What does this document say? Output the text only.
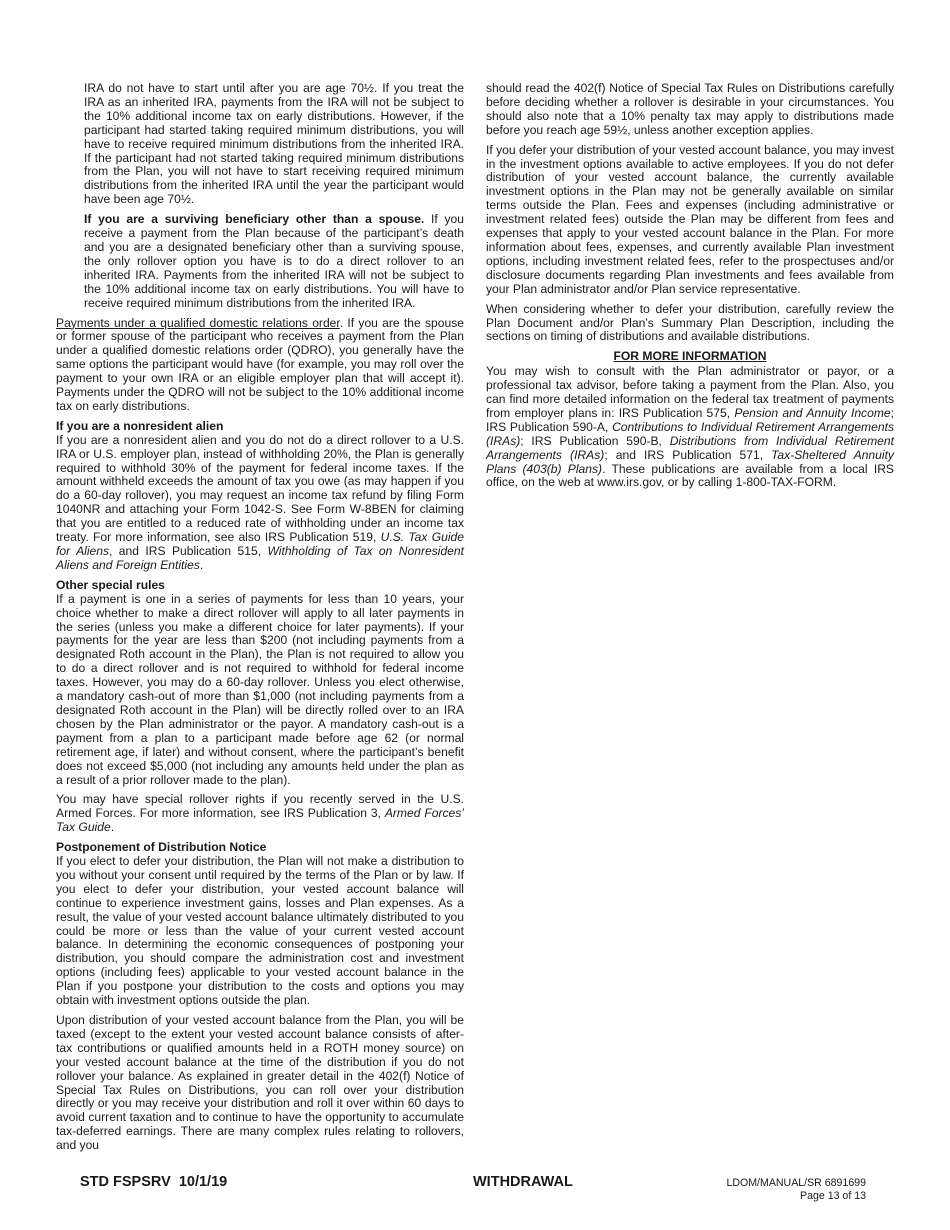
IRA do not have to start until after you are age 70½. If you treat the IRA as an inherited IRA, payments from the IRA will not be subject to the 10% additional income tax on early distributions. However, if the participant had started taking required minimum distributions, you will have to receive required minimum distributions from the inherited IRA. If the participant had not started taking required minimum distributions from the Plan, you will not have to start receiving required minimum distributions from the inherited IRA until the year the participant would have been age 70½.

If you are a surviving beneficiary other than a spouse. If you receive a payment from the Plan because of the participant’s death and you are a designated beneficiary other than a surviving spouse, the only rollover option you have is to do a direct rollover to an inherited IRA. Payments from the inherited IRA will not be subject to the 10% additional income tax on early distributions. You will have to receive required minimum distributions from the inherited IRA.

Payments under a qualified domestic relations order. If you are the spouse or former spouse of the participant who receives a payment from the Plan under a qualified domestic relations order (QDRO), you generally have the same options the participant would have (for example, you may roll over the payment to your own IRA or an eligible employer plan that will accept it). Payments under the QDRO will not be subject to the 10% additional income tax on early distributions.

If you are a nonresident alien

If you are a nonresident alien and you do not do a direct rollover to a U.S. IRA or U.S. employer plan, instead of withholding 20%, the Plan is generally required to withhold 30% of the payment for federal income taxes. If the amount withheld exceeds the amount of tax you owe (as may happen if you do a 60-day rollover), you may request an income tax refund by filing Form 1040NR and attaching your Form 1042-S. See Form W-8BEN for claiming that you are entitled to a reduced rate of withholding under an income tax treaty. For more information, see also IRS Publication 519, U.S. Tax Guide for Aliens, and IRS Publication 515, Withholding of Tax on Nonresident Aliens and Foreign Entities.

Other special rules

If a payment is one in a series of payments for less than 10 years, your choice whether to make a direct rollover will apply to all later payments in the series (unless you make a different choice for later payments). If your payments for the year are less than $200 (not including payments from a designated Roth account in the Plan), the Plan is not required to allow you to do a direct rollover and is not required to withhold for federal income taxes. However, you may do a 60-day rollover. Unless you elect otherwise, a mandatory cash-out of more than $1,000 (not including payments from a designated Roth account in the Plan) will be directly rolled over to an IRA chosen by the Plan administrator or the payor. A mandatory cash-out is a payment from a plan to a participant made before age 62 (or normal retirement age, if later) and without consent, where the participant’s benefit does not exceed $5,000 (not including any amounts held under the plan as a result of a prior rollover made to the plan).

You may have special rollover rights if you recently served in the U.S. Armed Forces. For more information, see IRS Publication 3, Armed Forces’ Tax Guide.

Postponement of Distribution Notice

If you elect to defer your distribution, the Plan will not make a distribution to you without your consent until required by the terms of the Plan or by law. If you elect to defer your distribution, your vested account balance will continue to experience investment gains, losses and Plan expenses. As a result, the value of your vested account balance ultimately distributed to you could be more or less than the value of your current vested account balance. In determining the economic consequences of postponing your distribution, you should compare the administration cost and investment options (including fees) applicable to your vested account balance in the Plan if you postpone your distribution to the costs and options you may obtain with investment options outside the plan.

Upon distribution of your vested account balance from the Plan, you will be taxed (except to the extent your vested account balance consists of after-tax contributions or qualified amounts held in a ROTH money source) on your vested account balance at the time of the distribution if you do not rollover your balance. As explained in greater detail in the 402(f) Notice of Special Tax Rules on Distributions, you can roll over your distribution directly or you may receive your distribution and roll it over within 60 days to avoid current taxation and to continue to have the opportunity to accumulate tax-deferred earnings. There are many complex rules relating to rollovers, and you

should read the 402(f) Notice of Special Tax Rules on Distributions carefully before deciding whether a rollover is desirable in your circumstances. You should also note that a 10% penalty tax may apply to distributions made before you reach age 59½, unless another exception applies.

If you defer your distribution of your vested account balance, you may invest in the investment options available to active employees. If you do not defer distribution of your vested account balance, the currently available investment options in the Plan may not be generally available on similar terms outside the Plan. Fees and expenses (including administrative or investment related fees) outside the Plan may be different from fees and expenses that apply to your vested account balance in the Plan. For more information about fees, expenses, and currently available Plan investment options, including investment related fees, refer to the prospectuses and/or disclosure documents regarding Plan investments and fees available from your Plan administrator and/or Plan service representative.

When considering whether to defer your distribution, carefully review the Plan Document and/or Plan’s Summary Plan Description, including the sections on timing of distributions and available distributions.

FOR MORE INFORMATION

You may wish to consult with the Plan administrator or payor, or a professional tax advisor, before taking a payment from the Plan. Also, you can find more detailed information on the federal tax treatment of payments from employer plans in: IRS Publication 575, Pension and Annuity Income; IRS Publication 590-A, Contributions to Individual Retirement Arrangements (IRAs); IRS Publication 590-B, Distributions from Individual Retirement Arrangements (IRAs); and IRS Publication 571, Tax-Sheltered Annuity Plans (403(b) Plans). These publications are available from a local IRS office, on the web at www.irs.gov, or by calling 1-800-TAX-FORM.

STD FSPSRV  10/1/19	WITHDRAWAL	LDOM/MANUAL/SR 6891699
Page 13 of 13
